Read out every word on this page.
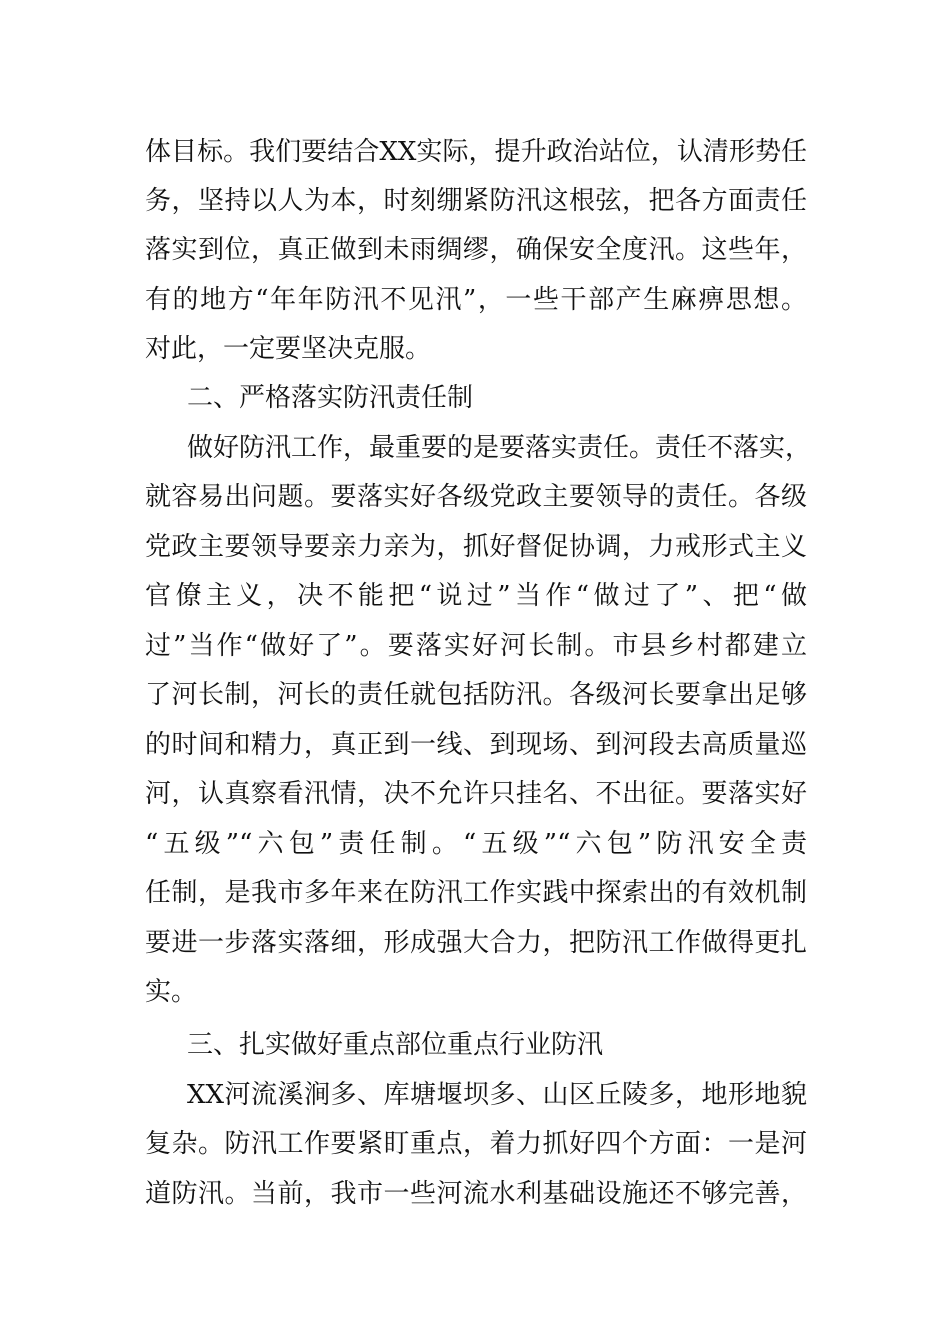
体目标。我们要结合XX实际，提升政治站位，认清形势任
务，坚持以人为本，时刻绷紧防汛这根弦，把各方面责任
落实到位，真正做到未雨绸缪，确保安全度汛。这些年，
有的地方“年年防汛不见汛”，一些干部产生麻痹思想。
对此，一定要坚决克服。
二、严格落实防汛责任制
做好防汛工作，最重要的是要落实责任。责任不落实，
就容易出问题。要落实好各级党政主要领导的责任。各级
党政主要领导要亲力亲为，抓好督促协调，力戒形式主义
官僚主义，决不能把“说过”当作“做过了”、把“做
过”当作“做好了”。要落实好河长制。市县乡村都建立
了河长制，河长的责任就包括防汛。各级河长要拿出足够
的时间和精力，真正到一线、到现场、到河段去高质量巡
河，认真察看汛情，决不允许只挂名、不出征。要落实好
“五级”“六包”责任制。“五级”“六包”防汛安全责
任制，是我市多年来在防汛工作实践中探索出的有效机制
要进一步落实落细，形成强大合力，把防汛工作做得更扎
实。
三、扎实做好重点部位重点行业防汛
XX河流溪涧多、库塘堰坝多、山区丘陵多，地形地貌
复杂。防汛工作要紧盯重点，着力抓好四个方面：一是河
道防汛。当前，我市一些河流水利基础设施还不够完善，
